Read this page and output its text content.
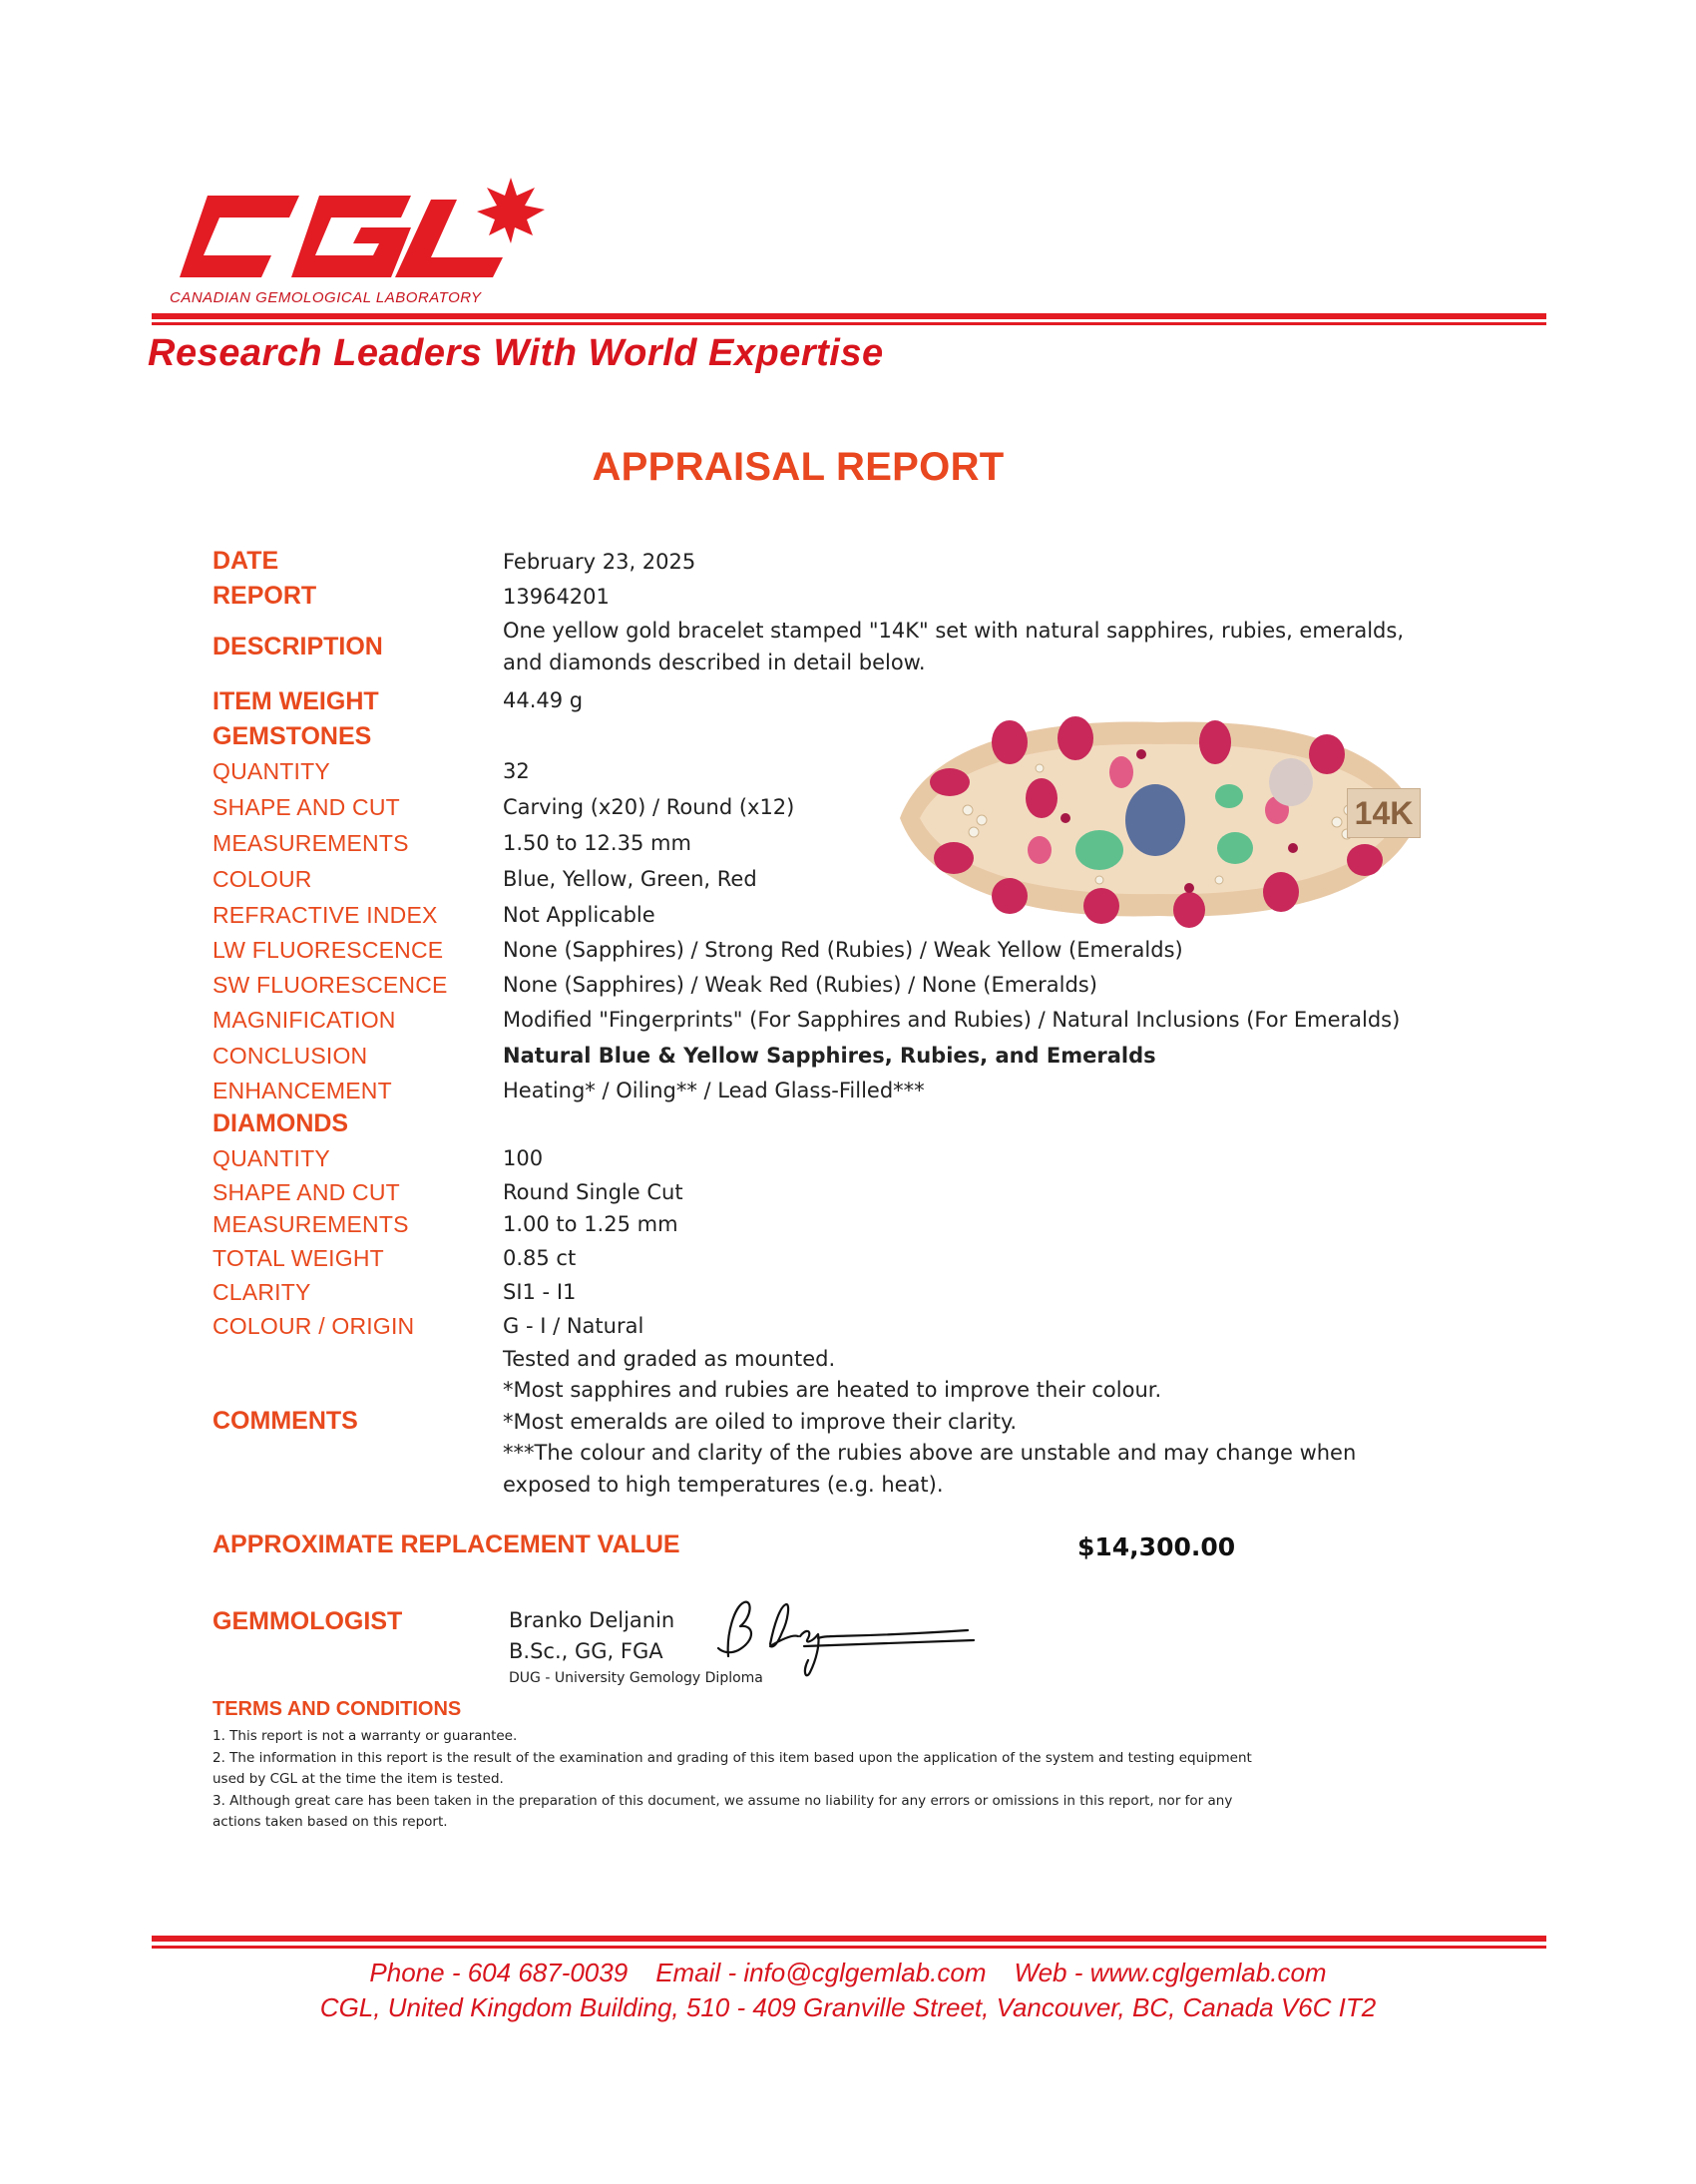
CANADIAN GEMOLOGICAL LABORATORY
Research Leaders With World Expertise
APPRAISAL REPORT
DATE	February 23, 2025
REPORT	13964201
DESCRIPTION
One yellow gold bracelet stamped "14K" set with natural sapphires, rubies, emeralds,
and diamonds described in detail below.
ITEM WEIGHT	44.49 g
GEMSTONES
QUANTITY	32
SHAPE AND CUT	Carving (x20) / Round (x12)
MEASUREMENTS	1.50 to 12.35 mm
COLOUR	Blue, Yellow, Green, Red
REFRACTIVE INDEX	Not Applicable
LW FLUORESCENCE	None (Sapphires) / Strong Red (Rubies) / Weak Yellow (Emeralds)
SW FLUORESCENCE	None (Sapphires) / Weak Red (Rubies) / None (Emeralds)
MAGNIFICATION	Modified "Fingerprints" (For Sapphires and Rubies) / Natural Inclusions (For Emeralds)
CONCLUSION	Natural Blue & Yellow Sapphires, Rubies, and Emeralds
ENHANCEMENT	Heating* / Oiling** / Lead Glass-Filled***
DIAMONDS
QUANTITY	100
SHAPE AND CUT	Round Single Cut
MEASUREMENTS	1.00 to 1.25 mm
TOTAL WEIGHT	0.85 ct
CLARITY	SI1 - I1
COLOUR / ORIGIN	G - I / Natural
COMMENTS
Tested and graded as mounted.
*Most sapphires and rubies are heated to improve their colour.
*Most emeralds are oiled to improve their clarity.
***The colour and clarity of the rubies above are unstable and may change when
exposed to high temperatures (e.g. heat).
APPROXIMATE REPLACEMENT VALUE	$14,300.00
GEMMOLOGIST	Branko Deljanin
B.Sc., GG, FGA
DUG - University Gemology Diploma
14K
TERMS AND CONDITIONS
1. This report is not a warranty or guarantee.
2. The information in this report is the result of the examination and grading of this item based upon the application of the system and testing equipment
used by CGL at the time the item is tested.
3. Although great care has been taken in the preparation of this document, we assume no liability for any errors or omissions in this report, nor for any
actions taken based on this report.
Phone - 604 687-0039 Email - info@cglgemlab.com Web - www.cglgemlab.com
CGL, United Kingdom Building, 510 - 409 Granville Street, Vancouver, BC, Canada V6C IT2
